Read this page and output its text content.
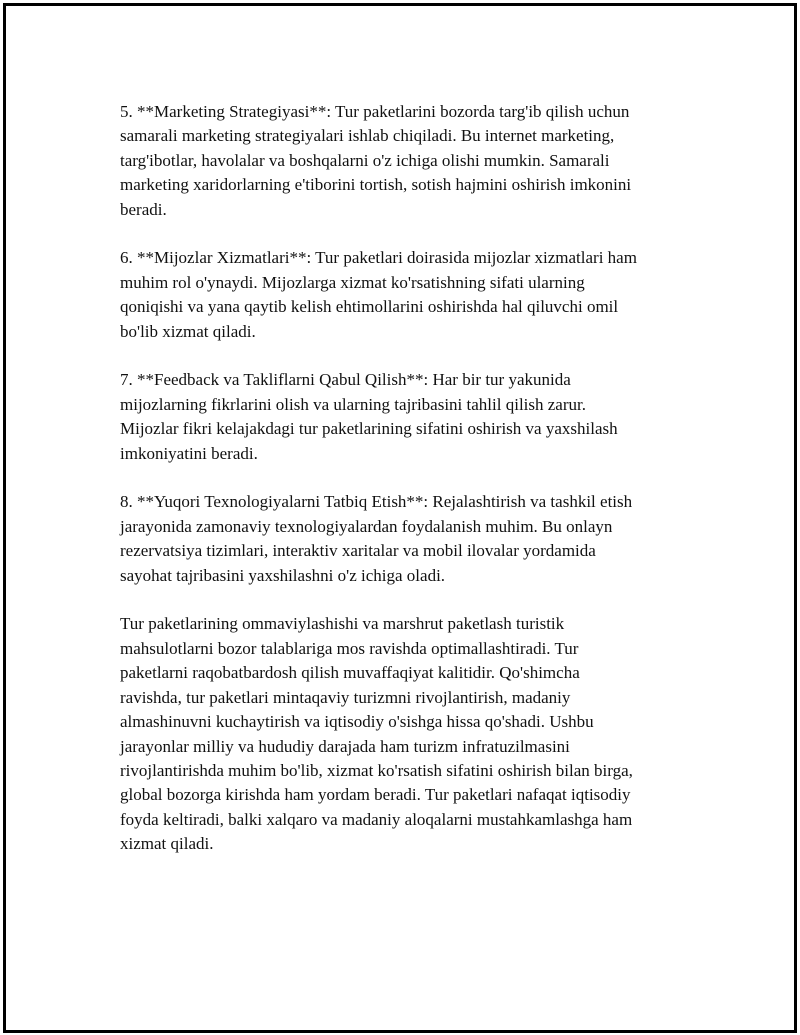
5. **Marketing Strategiyasi**: Tur paketlarini bozorda targ'ib qilish uchun
samarali marketing strategiyalari ishlab chiqiladi. Bu internet marketing,
targ'ibotlar, havolalar va boshqalarni o'z ichiga olishi mumkin. Samarali
marketing xaridorlarning e'tiborini tortish, sotish hajmini oshirish imkonini
beradi.

6. **Mijozlar Xizmatlari**: Tur paketlari doirasida mijozlar xizmatlari ham
muhim rol o'ynaydi. Mijozlarga xizmat ko'rsatishning sifati ularning
qoniqishi va yana qaytib kelish ehtimollarini oshirishda hal qiluvchi omil
bo'lib xizmat qiladi.

7. **Feedback va Takliflarni Qabul Qilish**: Har bir tur yakunida
mijozlarning fikrlarini olish va ularning tajribasini tahlil qilish zarur.
Mijozlar fikri kelajakdagi tur paketlarining sifatini oshirish va yaxshilash
imkoniyatini beradi.

8. **Yuqori Texnologiyalarni Tatbiq Etish**: Rejalashtirish va tashkil etish
jarayonida zamonaviy texnologiyalardan foydalanish muhim. Bu onlayn
rezervatsiya tizimlari, interaktiv xaritalar va mobil ilovalar yordamida
sayohat tajribasini yaxshilashni o'z ichiga oladi.

Tur paketlarining ommaviylashishi va marshrut paketlash turistik
mahsulotlarni bozor talablariga mos ravishda optimallashtiradi. Tur
paketlarni raqobatbardosh qilish muvaffaqiyat kalitidir. Qo'shimcha
ravishda, tur paketlari mintaqaviy turizmni rivojlantirish, madaniy
almashinuvni kuchaytirish va iqtisodiy o'sishga hissa qo'shadi. Ushbu
jarayonlar milliy va hududiy darajada ham turizm infratuzilmasini
rivojlantirishda muhim bo'lib, xizmat ko'rsatish sifatini oshirish bilan birga,
global bozorga kirishda ham yordam beradi. Tur paketlari nafaqat iqtisodiy
foyda keltiradi, balki xalqaro va madaniy aloqalarni mustahkamlashga ham
xizmat qiladi.
